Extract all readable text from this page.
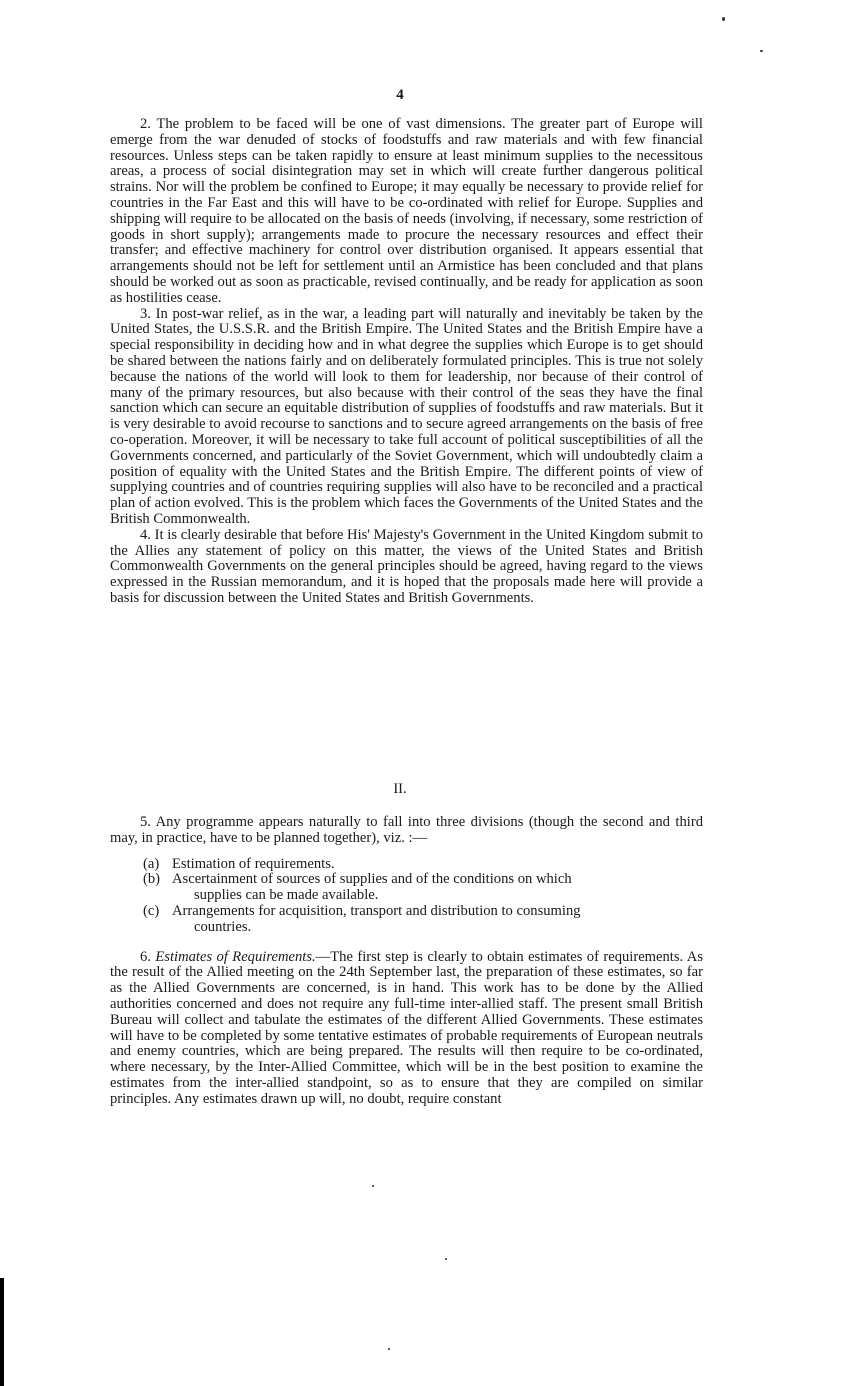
4

2. The problem to be faced will be one of vast dimensions. The greater part of Europe will emerge from the war denuded of stocks of foodstuffs and raw materials and with few financial resources. Unless steps can be taken rapidly to ensure at least minimum supplies to the necessitous areas, a process of social disintegration may set in which will create further dangerous political strains. Nor will the problem be confined to Europe; it may equally be necessary to provide relief for countries in the Far East and this will have to be co-ordinated with relief for Europe. Supplies and shipping will require to be allocated on the basis of needs (involving, if necessary, some restriction of goods in short supply); arrangements made to procure the necessary resources and effect their transfer; and effective machinery for control over distribution organised. It appears essential that arrangements should not be left for settlement until an Armistice has been concluded and that plans should be worked out as soon as practicable, revised continually, and be ready for application as soon as hostilities cease.

3. In post-war relief, as in the war, a leading part will naturally and inevitably be taken by the United States, the U.S.S.R. and the British Empire. The United States and the British Empire have a special responsibility in deciding how and in what degree the supplies which Europe is to get should be shared between the nations fairly and on deliberately formulated principles. This is true not solely because the nations of the world will look to them for leadership, nor because of their control of many of the primary resources, but also because with their control of the seas they have the final sanction which can secure an equitable distribution of supplies of foodstuffs and raw materials. But it is very desirable to avoid recourse to sanctions and to secure agreed arrangements on the basis of free co-operation. Moreover, it will be necessary to take full account of political susceptibilities of all the Governments concerned, and particularly of the Soviet Government, which will undoubtedly claim a position of equality with the United States and the British Empire. The different points of view of supplying countries and of countries requiring supplies will also have to be reconciled and a practical plan of action evolved. This is the problem which faces the Governments of the United States and the British Commonwealth.

4. It is clearly desirable that before His' Majesty's Government in the United Kingdom submit to the Allies any statement of policy on this matter, the views of the United States and British Commonwealth Governments on the general principles should be agreed, having regard to the views expressed in the Russian memorandum, and it is hoped that the proposals made here will provide a basis for discussion between the United States and British Governments.

II.

5. Any programme appears naturally to fall into three divisions (though the second and third may, in practice, have to be planned together), viz. :—

(a) Estimation of requirements.
(b) Ascertainment of sources of supplies and of the conditions on which
supplies can be made available.
(c) Arrangements for acquisition, transport and distribution to consuming
countries.

6. Estimates of Requirements.—The first step is clearly to obtain estimates of requirements. As the result of the Allied meeting on the 24th September last, the preparation of these estimates, so far as the Allied Governments are concerned, is in hand. This work has to be done by the Allied authorities concerned and does not require any full-time inter-allied staff. The present small British Bureau will collect and tabulate the estimates of the different Allied Governments. These estimates will have to be completed by some tentative estimates of probable requirements of European neutrals and enemy countries, which are being prepared. The results will then require to be co-ordinated, where necessary, by the Inter-Allied Committee, which will be in the best position to examine the estimates from the inter-allied standpoint, so as to ensure that they are compiled on similar principles. Any estimates drawn up will, no doubt, require constant
